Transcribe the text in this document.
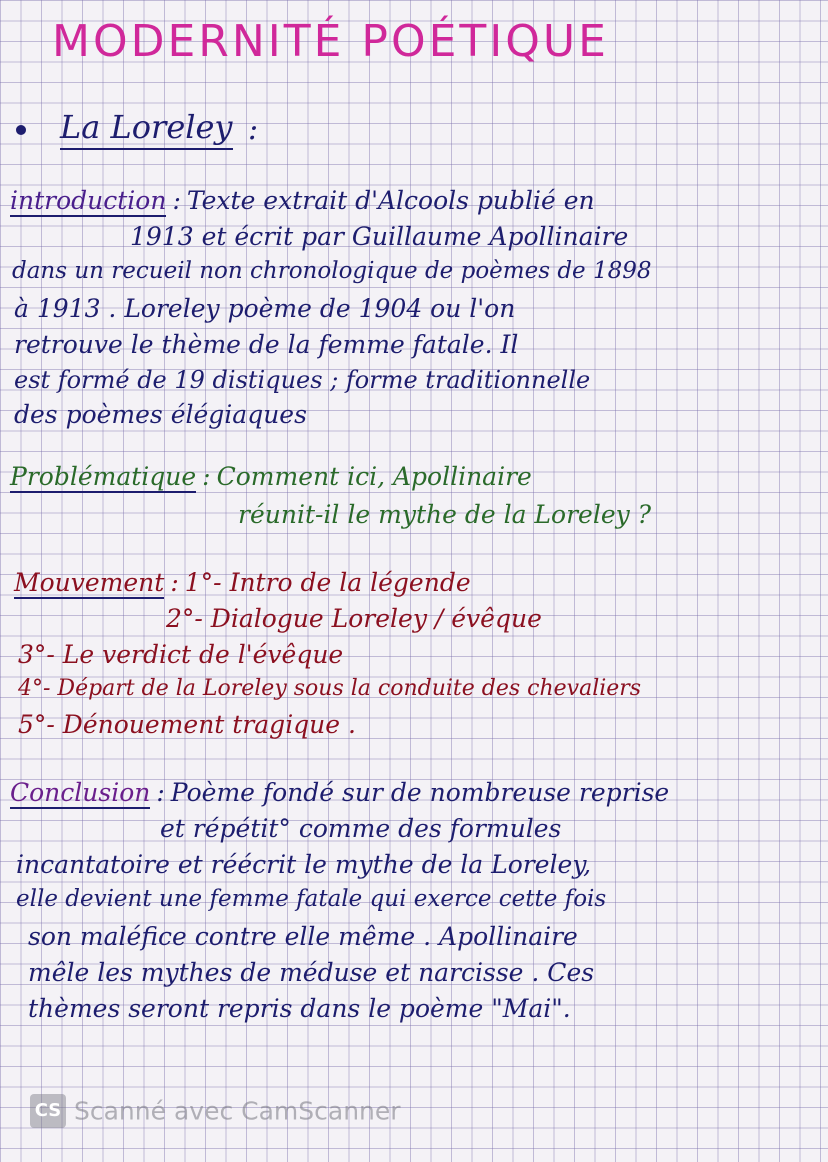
MODERNITÉ POÉTIQUE
La Loreley :
introduction : Texte extrait d'Alcools publié en
1913 et écrit par Guillaume Apollinaire
dans un recueil non chronologique de poèmes de 1898
à 1913 . Loreley poème de 1904 ou l'on
retrouve le thème de la femme fatale. Il
est formé de 19 distiques ; forme traditionnelle
des poèmes élégiaques
Problématique : Comment ici, Apollinaire
réunit-il le mythe de la Loreley ?
Mouvement : 1°- Intro de la légende
2°- Dialogue Loreley / évêque
3°- Le verdict de l'évêque
4°- Départ de la Loreley sous la conduite des chevaliers
5°- Dénouement tragique .
Conclusion : Poème fondé sur de nombreuse reprise
et répétit° comme des formules
incantatoire et réécrit le mythe de la Loreley,
elle devient une femme fatale qui exerce cette fois
son maléfice contre elle même . Apollinaire
mêle les mythes de méduse et narcisse . Ces
thèmes seront repris dans le poème "Mai".
CS Scanné avec CamScanner
